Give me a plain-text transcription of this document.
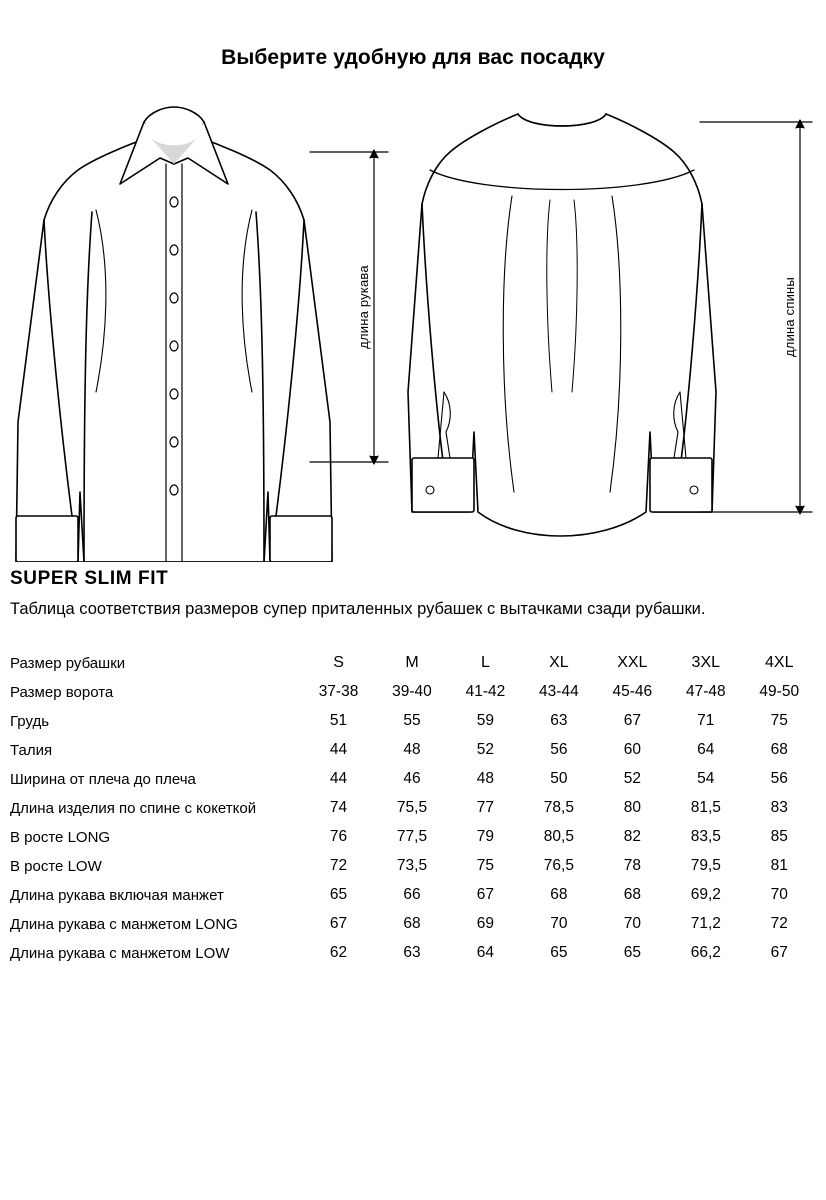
Выберите удобную для вас посадку
длина рукава	длина спины
SUPER SLIM FIT
Таблица соответствия размеров супер приталенных рубашек с вытачками сзади рубашки.
Размер рубашки	S	M	L	XL	XXL	3XL	4XL
Размер ворота	37-38	39-40	41-42	43-44	45-46	47-48	49-50
Грудь	51	55	59	63	67	71	75
Талия	44	48	52	56	60	64	68
Ширина от плеча до плеча	44	46	48	50	52	54	56
Длина изделия по спине с кокеткой	74	75,5	77	78,5	80	81,5	83
В росте LONG	76	77,5	79	80,5	82	83,5	85
В росте LOW	72	73,5	75	76,5	78	79,5	81
Длина рукава включая манжет	65	66	67	68	68	69,2	70
Длина рукава с манжетом LONG	67	68	69	70	70	71,2	72
Длина рукава с манжетом LOW	62	63	64	65	65	66,2	67
